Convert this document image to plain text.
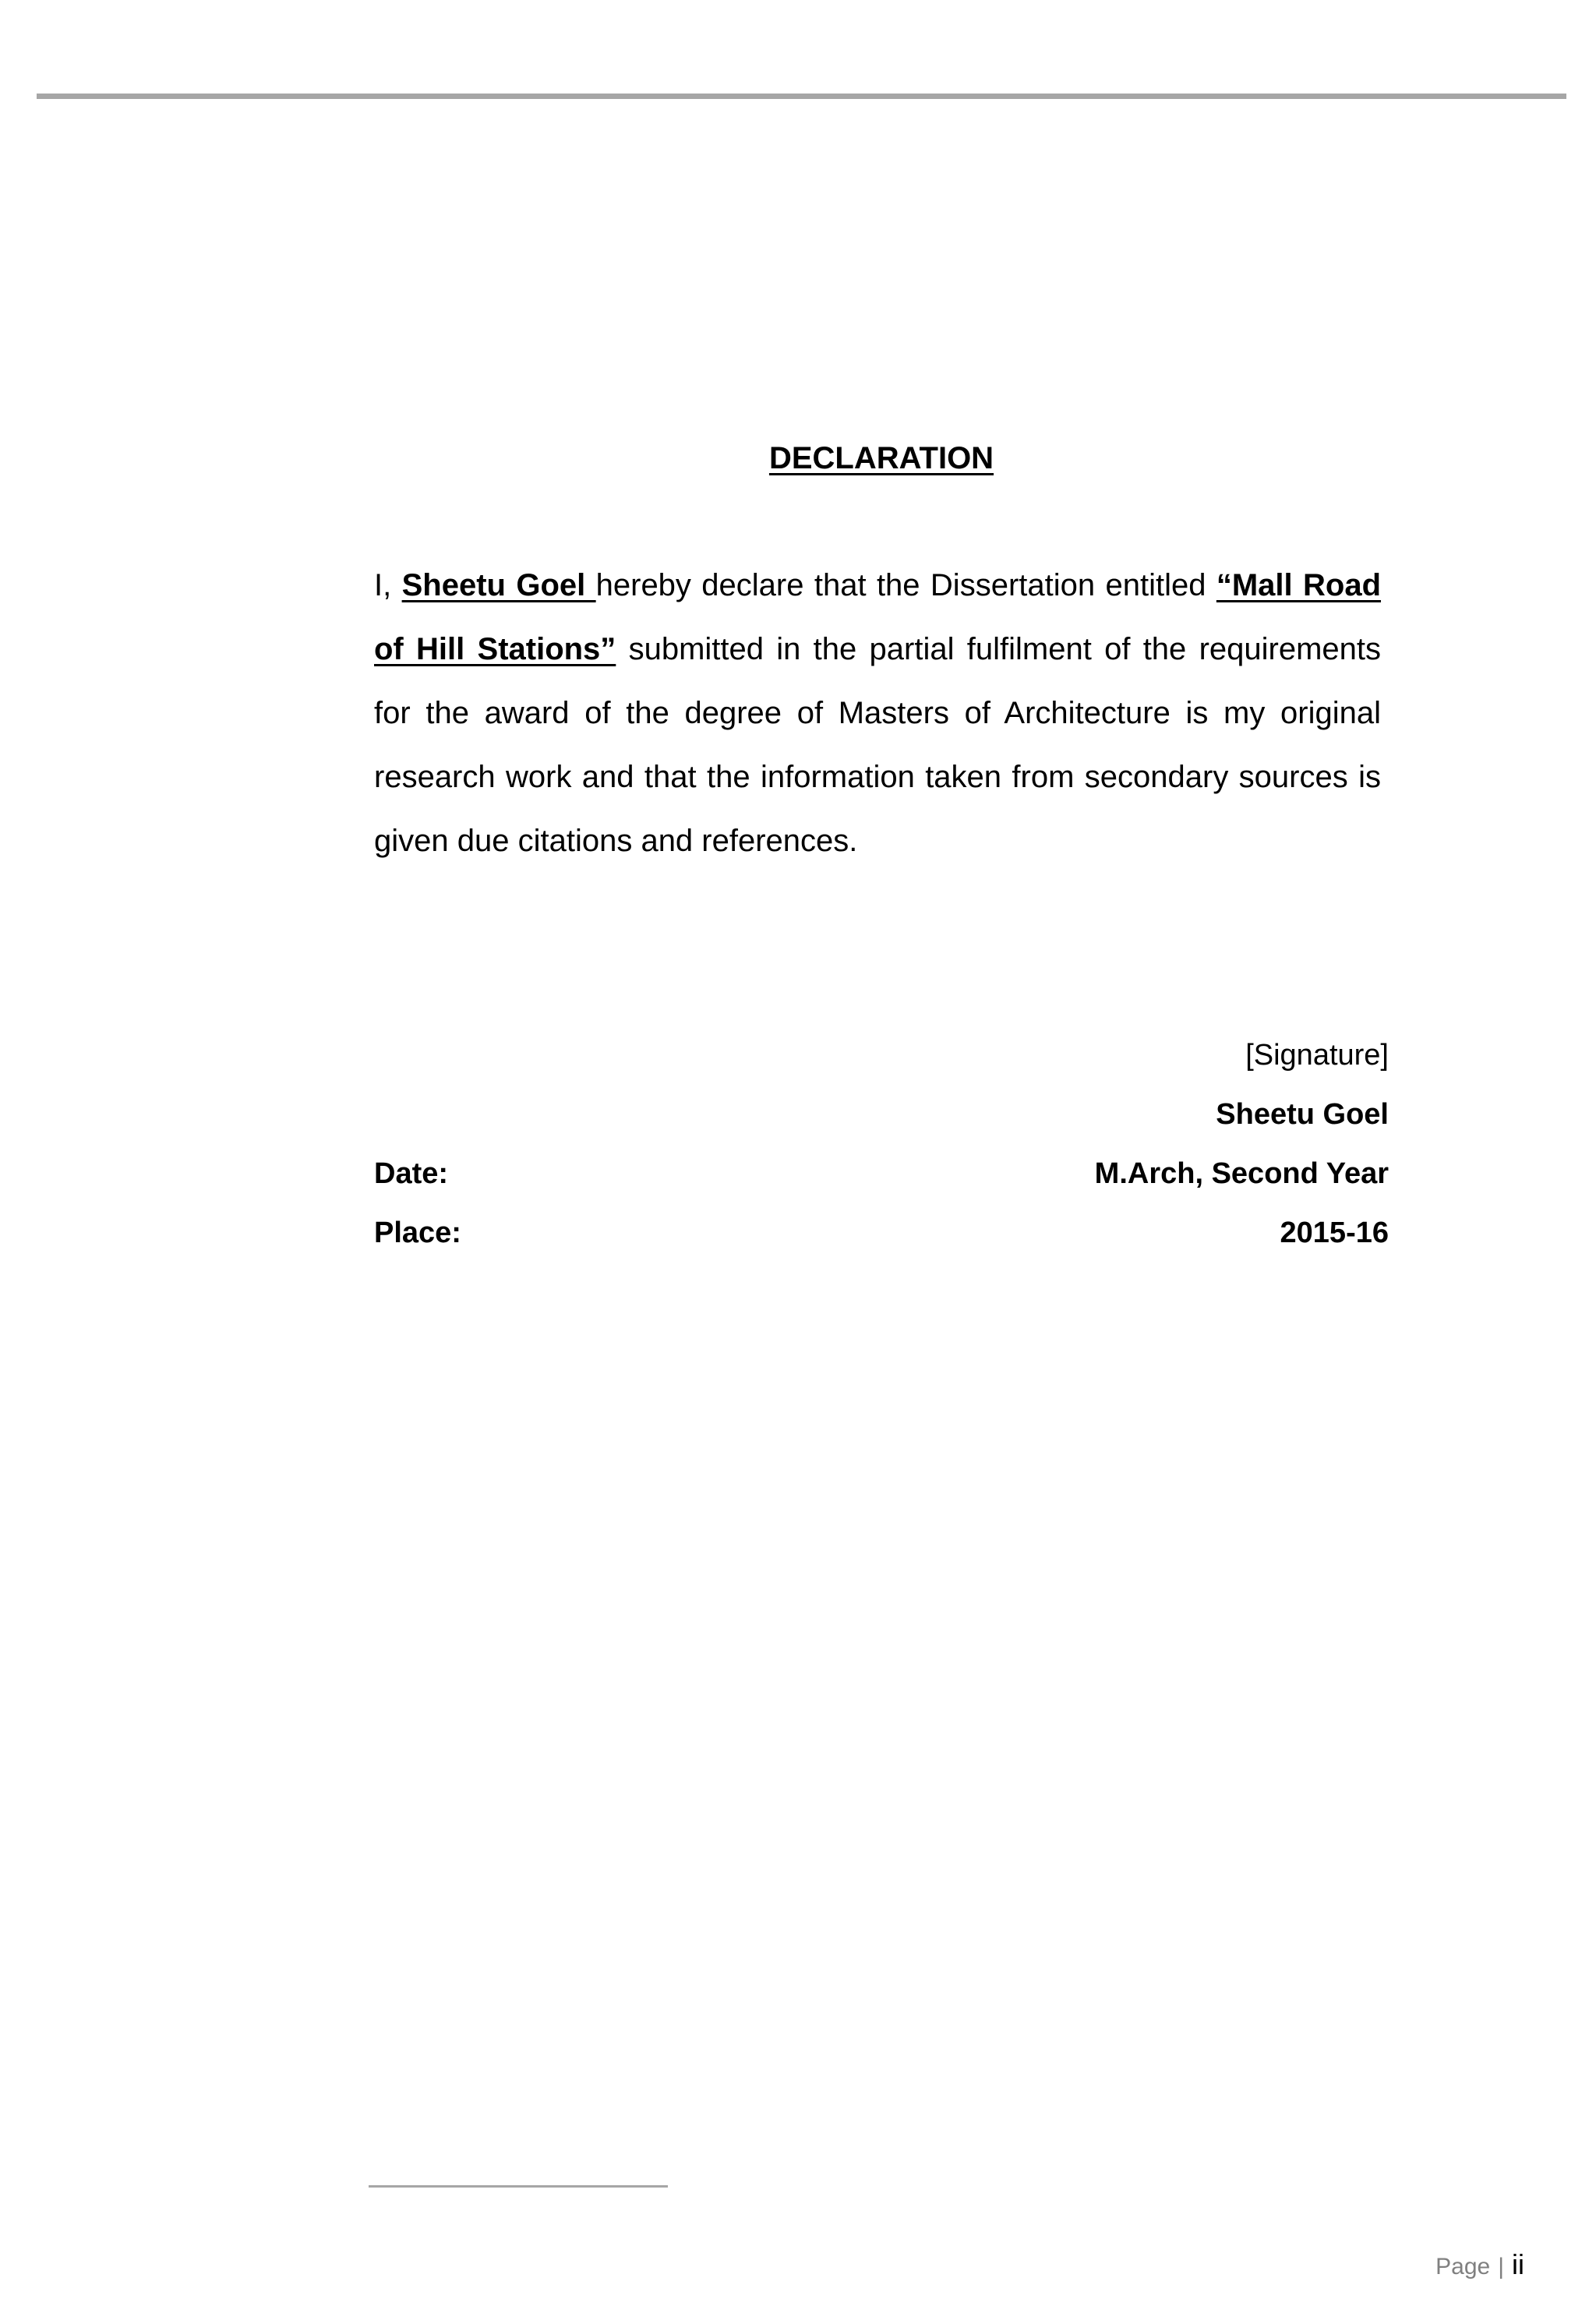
DECLARATION
I, Sheetu Goel hereby declare that the Dissertation entitled “Mall Road of Hill Stations” submitted in the partial fulfilment of the requirements for the award of the degree of Masters of Architecture is my original research work and that the information taken from secondary sources is given due citations and references.
[Signature]
Sheetu Goel
M.Arch, Second Year
2015-16
Date:
Place:
Page | ii
